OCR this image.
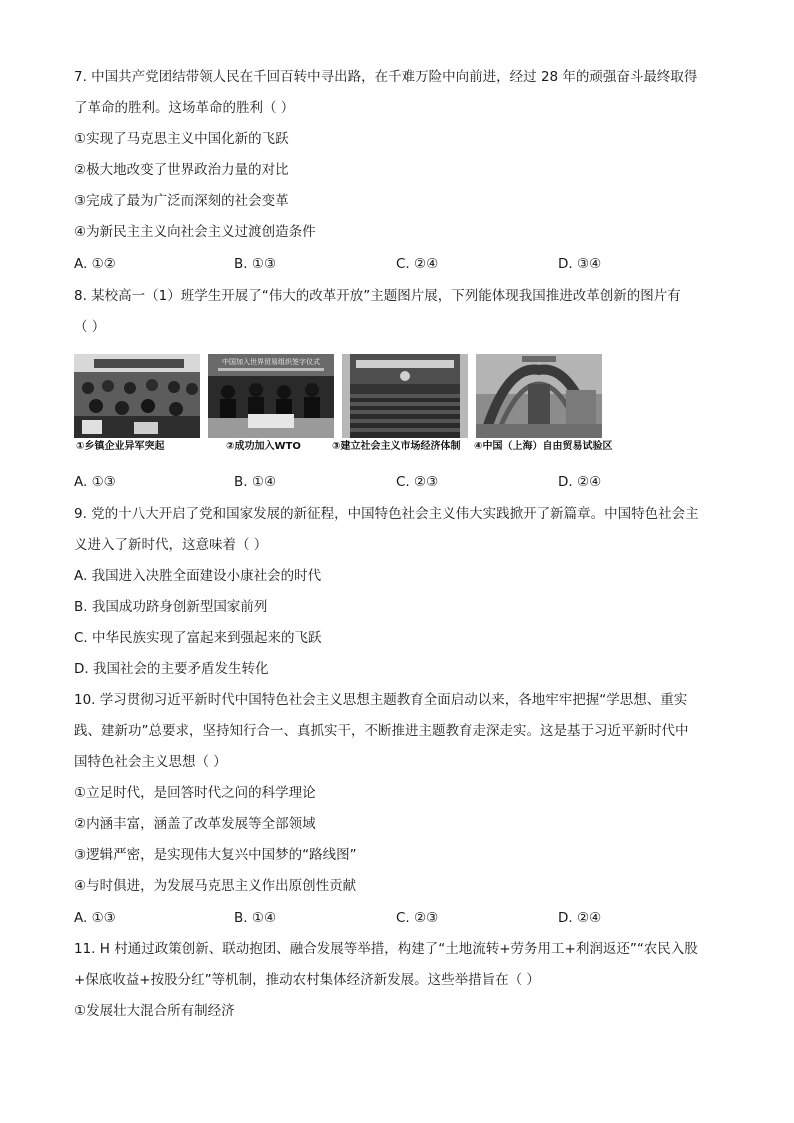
7. 中国共产党团结带领人民在千回百转中寻出路，在千难万险中向前进，经过 28 年的顽强奋斗最终取得
了革命的胜利。这场革命的胜利（ ）
①实现了马克思主义中国化新的飞跃
②极大地改变了世界政治力量的对比
③完成了最为广泛而深刻的社会变革
④为新民主主义向社会主义过渡创造条件
A. ①②	B. ①③	C. ②④	D. ③④
8. 某校高一（1）班学生开展了“伟大的改革开放”主题图片展，下列能体现我国推进改革创新的图片有
（ ）
①乡镇企业异军突起
中国加入世界贸易组织签字仪式
②成功加入WTO	③建立社会主义市场经济体制 ④中国（上海）自由贸易试验区
A. ①③	B. ①④	C. ②③	D. ②④
9. 党的十八大开启了党和国家发展的新征程，中国特色社会主义伟大实践掀开了新篇章。中国特色社会主
义进入了新时代，这意味着（ ）
A. 我国进入决胜全面建设小康社会的时代
B. 我国成功跻身创新型国家前列
C. 中华民族实现了富起来到强起来的飞跃
D. 我国社会的主要矛盾发生转化
10. 学习贯彻习近平新时代中国特色社会主义思想主题教育全面启动以来，各地牢牢把握“学思想、重实
践、建新功”总要求，坚持知行合一、真抓实干，不断推进主题教育走深走实。这是基于习近平新时代中
国特色社会主义思想（ ）
①立足时代，是回答时代之问的科学理论
②内涵丰富，涵盖了改革发展等全部领域
③逻辑严密，是实现伟大复兴中国梦的“路线图”
④与时俱进，为发展马克思主义作出原创性贡献
A. ①③	B. ①④	C. ②③	D. ②④
11. H 村通过政策创新、联动抱团、融合发展等举措，构建了“土地流转+劳务用工+利润返还”“农民入股
+保底收益+按股分红”等机制，推动农村集体经济新发展。这些举措旨在（ ）
①发展壮大混合所有制经济
